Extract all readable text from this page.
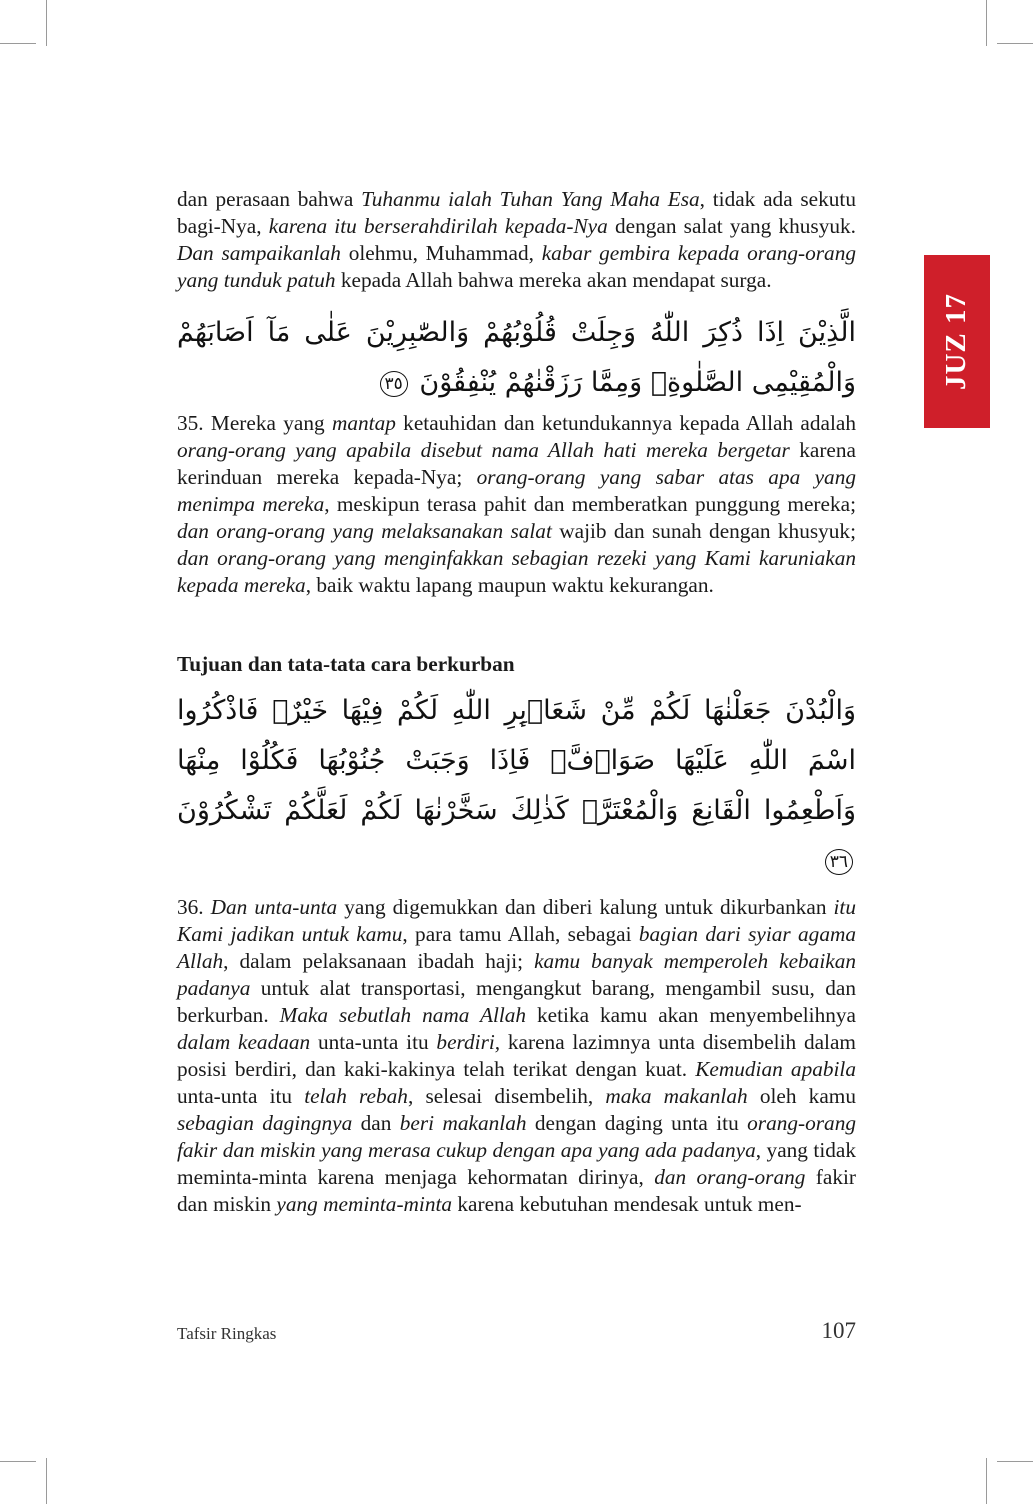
JUZ 17

dan perasaan bahwa Tuhanmu ialah Tuhan Yang Maha Esa, tidak ada sekutu bagi-Nya, karena itu berserahdirilah kepada-Nya dengan salat yang khusyuk. Dan sampaikanlah olehmu, Muhammad, kabar gembira kepada orang-orang yang tunduk patuh kepada Allah bahwa mereka akan mendapat surga.

الَّذِيْنَ اِذَا ذُكِرَ اللّٰهُ وَجِلَتْ قُلُوْبُهُمْ وَالصّٰبِرِيْنَ عَلٰى مَآ اَصَابَهُمْ وَالْمُقِيْمِى الصَّلٰوةِۙ وَمِمَّا رَزَقْنٰهُمْ يُنْفِقُوْنَ ٣٥

35. Mereka yang mantap ketauhidan dan ketundukannya kepada Allah adalah orang-orang yang apabila disebut nama Allah hati mereka bergetar karena kerinduan mereka kepada-Nya; orang-orang yang sabar atas apa yang menimpa mereka, meskipun terasa pahit dan memberatkan punggung mereka; dan orang-orang yang melaksanakan salat wajib dan sunah dengan khusyuk; dan orang-orang yang menginfakkan sebagian rezeki yang Kami karuniakan kepada mereka, baik waktu lapang maupun waktu kekurangan.

Tujuan dan tata-tata cara berkurban

وَالْبُدْنَ جَعَلْنٰهَا لَكُمْ مِّنْ شَعَاۤىِٕرِ اللّٰهِ لَكُمْ فِيْهَا خَيْرٌۖ فَاذْكُرُوا اسْمَ اللّٰهِ عَلَيْهَا صَوَاۤفَّۚ فَاِذَا وَجَبَتْ جُنُوْبُهَا فَكُلُوْا مِنْهَا وَاَطْعِمُوا الْقَانِعَ وَالْمُعْتَرَّۗ كَذٰلِكَ سَخَّرْنٰهَا لَكُمْ لَعَلَّكُمْ تَشْكُرُوْنَ ٣٦

36. Dan unta-unta yang digemukkan dan diberi kalung untuk dikurbankan itu Kami jadikan untuk kamu, para tamu Allah, sebagai bagian dari syiar agama Allah, dalam pelaksanaan ibadah haji; kamu banyak memperoleh kebaikan padanya untuk alat transportasi, mengangkut barang, mengambil susu, dan berkurban. Maka sebutlah nama Allah ketika kamu akan menyembelihnya dalam keadaan unta-unta itu berdiri, karena lazimnya unta disembelih dalam posisi berdiri, dan kaki-kakinya telah terikat dengan kuat. Kemudian apabila unta-unta itu telah rebah, selesai disembelih, maka makanlah oleh kamu sebagian dagingnya dan beri makanlah dengan daging unta itu orang-orang fakir dan miskin yang merasa cukup dengan apa yang ada padanya, yang tidak meminta-minta karena menjaga kehormatan dirinya, dan orang-orang fakir dan miskin yang meminta-minta karena kebutuhan mendesak untuk men-

Tafsir Ringkas	107
